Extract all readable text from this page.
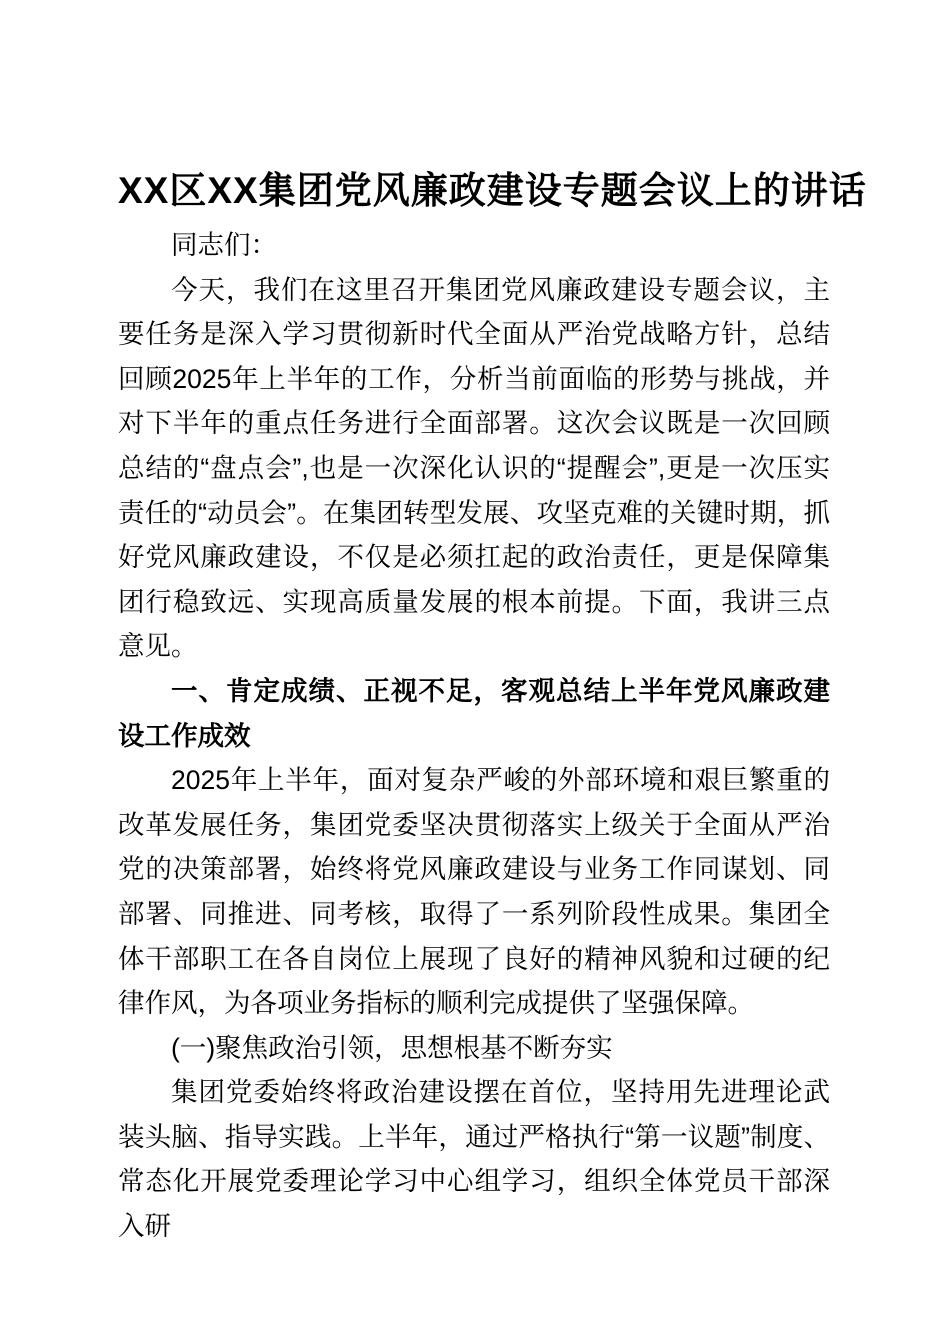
XX区XX集团党风廉政建设专题会议上的讲话

同志们：

今天，我们在这里召开集团党风廉政建设专题会议，主要任务是深入学习贯彻新时代全面从严治党战略方针，总结回顾2025年上半年的工作，分析当前面临的形势与挑战，并对下半年的重点任务进行全面部署。这次会议既是一次回顾总结的“盘点会”,也是一次深化认识的“提醒会”,更是一次压实责任的“动员会”。在集团转型发展、攻坚克难的关键时期，抓好党风廉政建设，不仅是必须扛起的政治责任，更是保障集团行稳致远、实现高质量发展的根本前提。下面，我讲三点意见。

一、肯定成绩、正视不足，客观总结上半年党风廉政建设工作成效

2025年上半年，面对复杂严峻的外部环境和艰巨繁重的改革发展任务，集团党委坚决贯彻落实上级关于全面从严治党的决策部署，始终将党风廉政建设与业务工作同谋划、同部署、同推进、同考核，取得了一系列阶段性成果。集团全体干部职工在各自岗位上展现了良好的精神风貌和过硬的纪律作风，为各项业务指标的顺利完成提供了坚强保障。

(一)聚焦政治引领，思想根基不断夯实

集团党委始终将政治建设摆在首位，坚持用先进理论武装头脑、指导实践。上半年，通过严格执行“第一议题”制度、常态化开展党委理论学习中心组学习，组织全体党员干部深入研
